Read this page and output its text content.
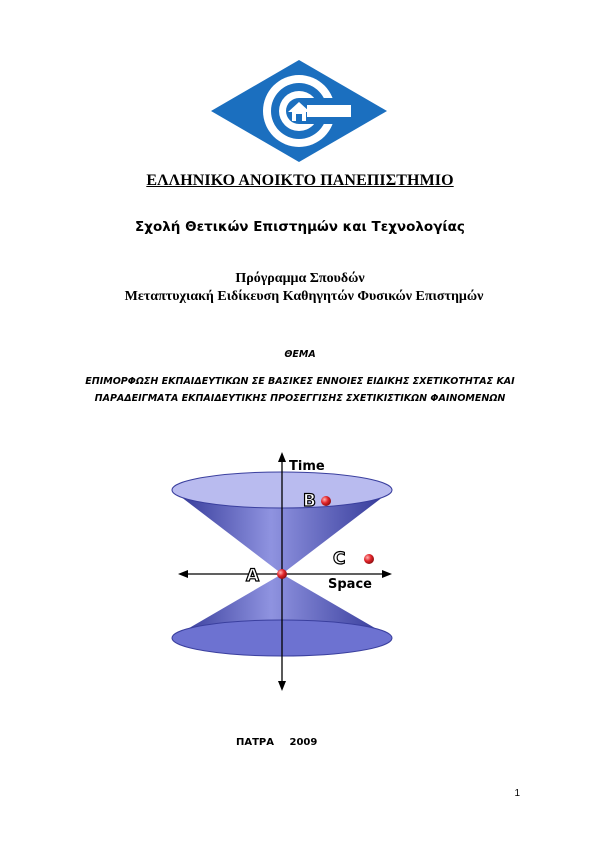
ΕΛΛΗΝΙΚΟ ΑΝΟΙΚΤΟ ΠΑΝΕΠΙΣΤΗΜΙΟ
Σχολή Θετικών Επιστημών και Τεχνολογίας
Πρόγραμμα Σπουδών
Μεταπτυχιακή Ειδίκευση Καθηγητών Φυσικών Επιστημών
ΘΕΜΑ
ΕΠΙΜΟΡΦΩΣΗ ΕΚΠΑΙΔΕΥΤΙΚΩΝ ΣΕ ΒΑΣΙΚΕΣ ΕΝΝΟΙΕΣ ΕΙΔΙΚΗΣ ΣΧΕΤΙΚΟΤΗΤΑΣ ΚΑΙ
ΠΑΡΑΔΕΙΓΜΑΤΑ ΕΚΠΑΙΔΕΥΤΙΚΗΣ ΠΡΟΣΕΓΓΙΣΗΣ ΣΧΕΤΙΚΙΣΤΙΚΩΝ ΦΑΙΝΟΜΕΝΩΝ
Time
Space
A
B
C
ΠΑΤΡΑ 2009
1
